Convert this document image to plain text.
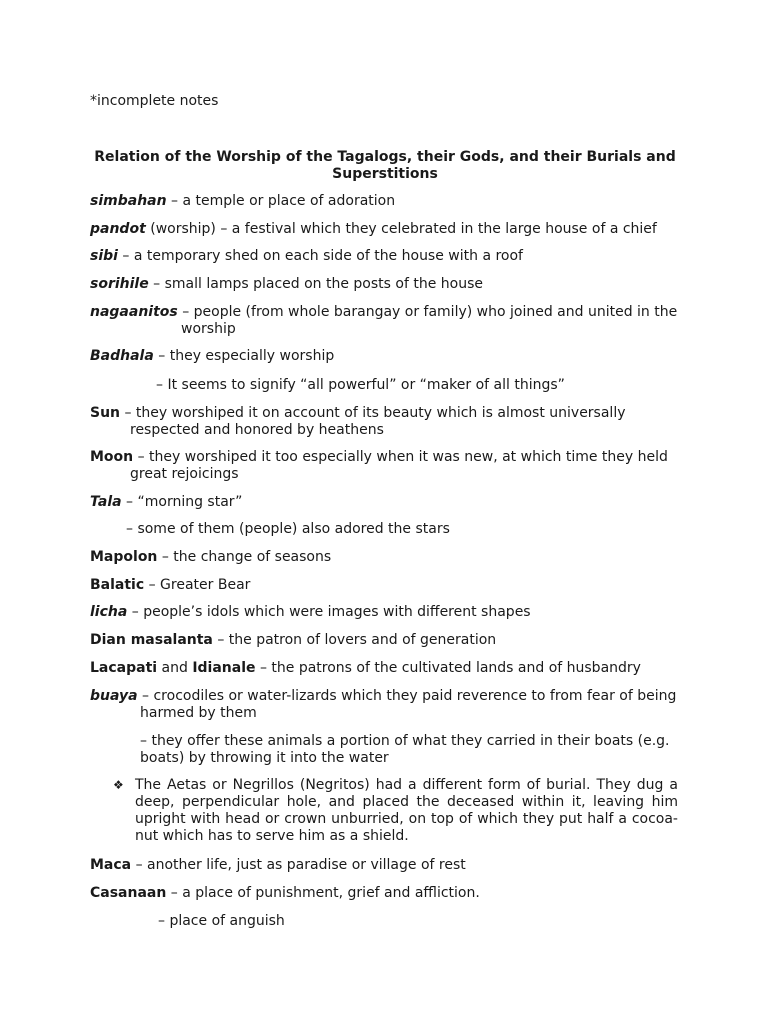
*incomplete notes
Relation of the Worship of the Tagalogs, their Gods, and their Burials and Superstitions
simbahan – a temple or place of adoration
pandot (worship) – a festival which they celebrated in the large house of a chief
sibi – a temporary shed on each side of the house with a roof
sorihile – small lamps placed on the posts of the house
nagaanitos – people (from whole barangay or family) who joined and united in the
worship
Badhala – they especially worship
– It seems to signify “all powerful” or “maker of all things”
Sun – they worshiped it on account of its beauty which is almost universally
respected and honored by heathens
Moon – they worshiped it too especially when it was new, at which time they held
great rejoicings
Tala – “morning star”
– some of them (people) also adored the stars
Mapolon – the change of seasons
Balatic – Greater Bear
licha – people’s idols which were images with different shapes
Dian masalanta – the patron of lovers and of generation
Lacapati and Idianale – the patrons of the cultivated lands and of husbandry
buaya – crocodiles or water-lizards which they paid reverence to from fear of being
harmed by them
– they offer these animals a portion of what they carried in their boats (e.g.
boats) by throwing it into the water
❖ The Aetas or Negrillos (Negritos) had a different form of burial. They dug a deep, perpendicular hole, and placed the deceased within it, leaving him upright with head or crown unburried, on top of which they put half a cocoa-nut which has to serve him as a shield.
Maca – another life, just as paradise or village of rest
Casanaan – a place of punishment, grief and affliction.
– place of anguish
